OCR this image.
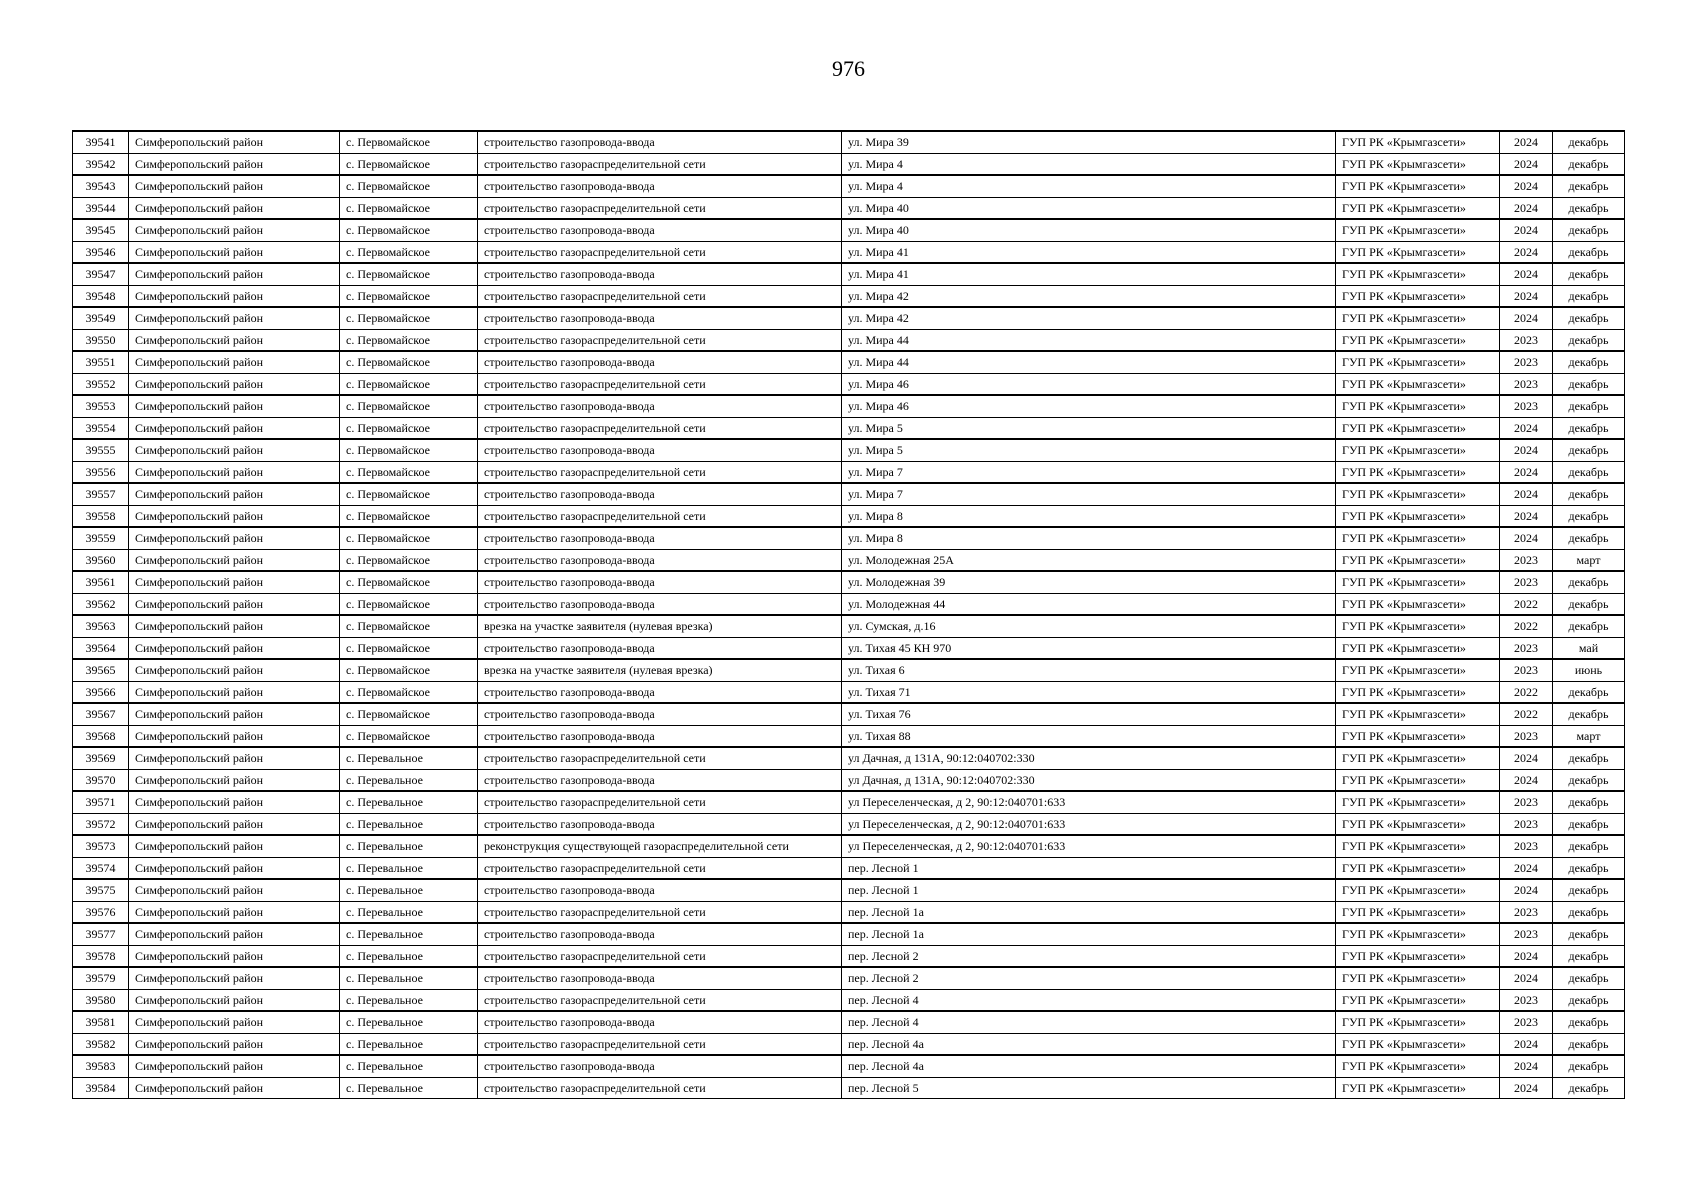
976
39541	Симферопольский район	с. Первомайское	строительство газопровода-ввода	ул. Мира 39	ГУП РК «Крымгазсети»	2024	декабрь
39542	Симферопольский район	с. Первомайское	строительство газораспределительной сети	ул. Мира 4	ГУП РК «Крымгазсети»	2024	декабрь
39543	Симферопольский район	с. Первомайское	строительство газопровода-ввода	ул. Мира 4	ГУП РК «Крымгазсети»	2024	декабрь
39544	Симферопольский район	с. Первомайское	строительство газораспределительной сети	ул. Мира 40	ГУП РК «Крымгазсети»	2024	декабрь
39545	Симферопольский район	с. Первомайское	строительство газопровода-ввода	ул. Мира 40	ГУП РК «Крымгазсети»	2024	декабрь
39546	Симферопольский район	с. Первомайское	строительство газораспределительной сети	ул. Мира 41	ГУП РК «Крымгазсети»	2024	декабрь
39547	Симферопольский район	с. Первомайское	строительство газопровода-ввода	ул. Мира 41	ГУП РК «Крымгазсети»	2024	декабрь
39548	Симферопольский район	с. Первомайское	строительство газораспределительной сети	ул. Мира 42	ГУП РК «Крымгазсети»	2024	декабрь
39549	Симферопольский район	с. Первомайское	строительство газопровода-ввода	ул. Мира 42	ГУП РК «Крымгазсети»	2024	декабрь
39550	Симферопольский район	с. Первомайское	строительство газораспределительной сети	ул. Мира 44	ГУП РК «Крымгазсети»	2023	декабрь
39551	Симферопольский район	с. Первомайское	строительство газопровода-ввода	ул. Мира 44	ГУП РК «Крымгазсети»	2023	декабрь
39552	Симферопольский район	с. Первомайское	строительство газораспределительной сети	ул. Мира 46	ГУП РК «Крымгазсети»	2023	декабрь
39553	Симферопольский район	с. Первомайское	строительство газопровода-ввода	ул. Мира 46	ГУП РК «Крымгазсети»	2023	декабрь
39554	Симферопольский район	с. Первомайское	строительство газораспределительной сети	ул. Мира 5	ГУП РК «Крымгазсети»	2024	декабрь
39555	Симферопольский район	с. Первомайское	строительство газопровода-ввода	ул. Мира 5	ГУП РК «Крымгазсети»	2024	декабрь
39556	Симферопольский район	с. Первомайское	строительство газораспределительной сети	ул. Мира 7	ГУП РК «Крымгазсети»	2024	декабрь
39557	Симферопольский район	с. Первомайское	строительство газопровода-ввода	ул. Мира 7	ГУП РК «Крымгазсети»	2024	декабрь
39558	Симферопольский район	с. Первомайское	строительство газораспределительной сети	ул. Мира 8	ГУП РК «Крымгазсети»	2024	декабрь
39559	Симферопольский район	с. Первомайское	строительство газопровода-ввода	ул. Мира 8	ГУП РК «Крымгазсети»	2024	декабрь
39560	Симферопольский район	с. Первомайское	строительство газопровода-ввода	ул. Молодежная 25А	ГУП РК «Крымгазсети»	2023	март
39561	Симферопольский район	с. Первомайское	строительство газопровода-ввода	ул. Молодежная 39	ГУП РК «Крымгазсети»	2023	декабрь
39562	Симферопольский район	с. Первомайское	строительство газопровода-ввода	ул. Молодежная 44	ГУП РК «Крымгазсети»	2022	декабрь
39563	Симферопольский район	с. Первомайское	врезка на участке заявителя (нулевая врезка)	ул. Сумская, д.16	ГУП РК «Крымгазсети»	2022	декабрь
39564	Симферопольский район	с. Первомайское	строительство газопровода-ввода	ул. Тихая 45 КН 970	ГУП РК «Крымгазсети»	2023	май
39565	Симферопольский район	с. Первомайское	врезка на участке заявителя (нулевая врезка)	ул. Тихая 6	ГУП РК «Крымгазсети»	2023	июнь
39566	Симферопольский район	с. Первомайское	строительство газопровода-ввода	ул. Тихая 71	ГУП РК «Крымгазсети»	2022	декабрь
39567	Симферопольский район	с. Первомайское	строительство газопровода-ввода	ул. Тихая 76	ГУП РК «Крымгазсети»	2022	декабрь
39568	Симферопольский район	с. Первомайское	строительство газопровода-ввода	ул. Тихая 88	ГУП РК «Крымгазсети»	2023	март
39569	Симферопольский район	с. Перевальное	строительство газораспределительной сети	ул Дачная, д 131А, 90:12:040702:330	ГУП РК «Крымгазсети»	2024	декабрь
39570	Симферопольский район	с. Перевальное	строительство газопровода-ввода	ул Дачная, д 131А, 90:12:040702:330	ГУП РК «Крымгазсети»	2024	декабрь
39571	Симферопольский район	с. Перевальное	строительство газораспределительной сети	ул Переселенческая, д 2, 90:12:040701:633	ГУП РК «Крымгазсети»	2023	декабрь
39572	Симферопольский район	с. Перевальное	строительство газопровода-ввода	ул Переселенческая, д 2, 90:12:040701:633	ГУП РК «Крымгазсети»	2023	декабрь
39573	Симферопольский район	с. Перевальное	реконструкция существующей газораспределительной сети	ул Переселенческая, д 2, 90:12:040701:633	ГУП РК «Крымгазсети»	2023	декабрь
39574	Симферопольский район	с. Перевальное	строительство газораспределительной сети	пер. Лесной 1	ГУП РК «Крымгазсети»	2024	декабрь
39575	Симферопольский район	с. Перевальное	строительство газопровода-ввода	пер. Лесной 1	ГУП РК «Крымгазсети»	2024	декабрь
39576	Симферопольский район	с. Перевальное	строительство газораспределительной сети	пер. Лесной 1а	ГУП РК «Крымгазсети»	2023	декабрь
39577	Симферопольский район	с. Перевальное	строительство газопровода-ввода	пер. Лесной 1а	ГУП РК «Крымгазсети»	2023	декабрь
39578	Симферопольский район	с. Перевальное	строительство газораспределительной сети	пер. Лесной 2	ГУП РК «Крымгазсети»	2024	декабрь
39579	Симферопольский район	с. Перевальное	строительство газопровода-ввода	пер. Лесной 2	ГУП РК «Крымгазсети»	2024	декабрь
39580	Симферопольский район	с. Перевальное	строительство газораспределительной сети	пер. Лесной 4	ГУП РК «Крымгазсети»	2023	декабрь
39581	Симферопольский район	с. Перевальное	строительство газопровода-ввода	пер. Лесной 4	ГУП РК «Крымгазсети»	2023	декабрь
39582	Симферопольский район	с. Перевальное	строительство газораспределительной сети	пер. Лесной 4а	ГУП РК «Крымгазсети»	2024	декабрь
39583	Симферопольский район	с. Перевальное	строительство газопровода-ввода	пер. Лесной 4а	ГУП РК «Крымгазсети»	2024	декабрь
39584	Симферопольский район	с. Перевальное	строительство газораспределительной сети	пер. Лесной 5	ГУП РК «Крымгазсети»	2024	декабрь
